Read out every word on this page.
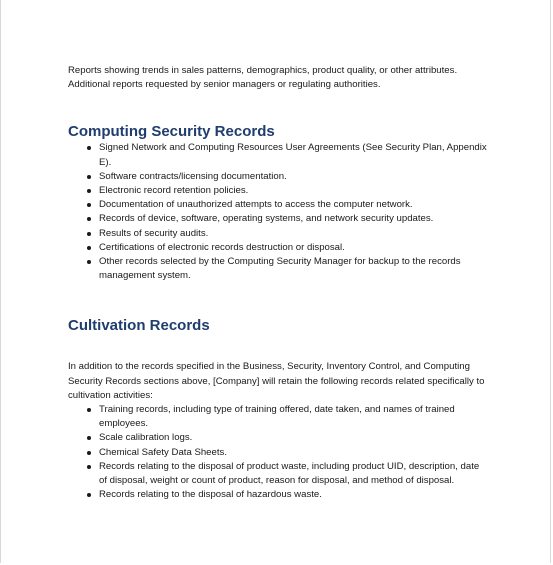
Reports showing trends in sales patterns, demographics, product quality, or other attributes.
Additional reports requested by senior managers or regulating authorities.

Computing Security Records
Signed Network and Computing Resources User Agreements (See Security Plan, Appendix E).
Software contracts/licensing documentation.
Electronic record retention policies.
Documentation of unauthorized attempts to access the computer network.
Records of device, software, operating systems, and network security updates.
Results of security audits.
Certifications of electronic records destruction or disposal.
Other records selected by the Computing Security Manager for backup to the records management system.
Cultivation Records

In addition to the records specified in the Business, Security, Inventory Control, and Computing Security Records sections above, [Company] will retain the following records related specifically to cultivation activities:

Training records, including type of training offered, date taken, and names of trained employees.
Scale calibration logs.
Chemical Safety Data Sheets.
Records relating to the disposal of product waste, including product UID, description, date of disposal, weight or count of product, reason for disposal, and method of disposal.
Records relating to the disposal of hazardous waste.
